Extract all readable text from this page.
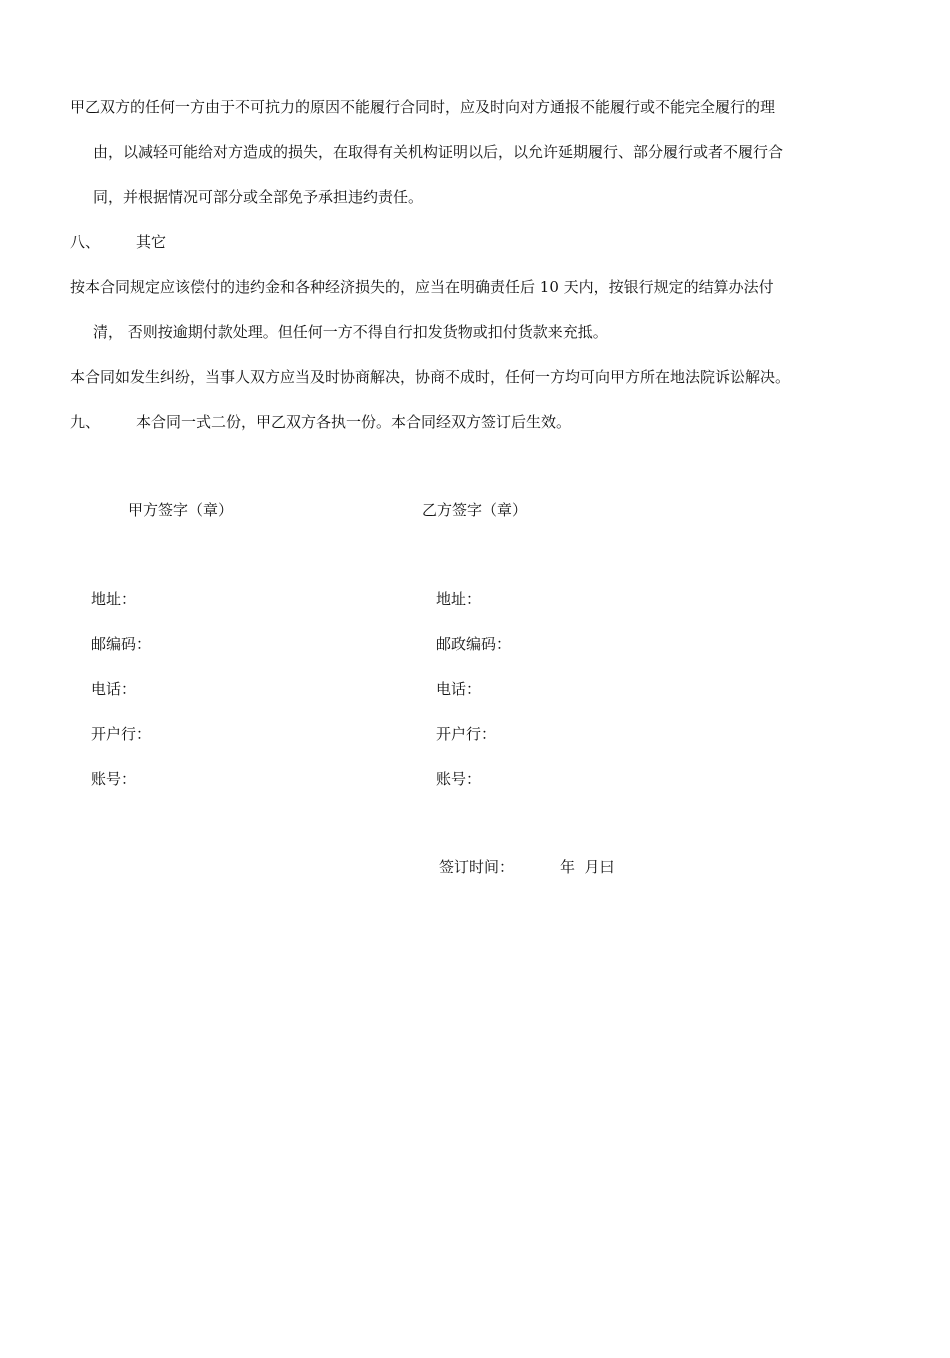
甲乙双方的任何一方由于不可抗力的原因不能履行合同时，应及时向对方通报不能履行或不能完全履行的理
由，以减轻可能给对方造成的损失，在取得有关机构证明以后，以允许延期履行、部分履行或者不履行合
同，并根据情况可部分或全部免予承担违约责任。
八、 其它
按本合同规定应该偿付的违约金和各种经济损失的，应当在明确责任后 10 天内，按银行规定的结算办法付
清， 否则按逾期付款处理。但任何一方不得自行扣发货物或扣付货款来充抵。
本合同如发生纠纷，当事人双方应当及时协商解决，协商不成时，任何一方均可向甲方所在地法院诉讼解决。
九、 本合同一式二份，甲乙双方各执一份。本合同经双方签订后生效。
甲方签字（章）	乙方签字（章）
地址：
邮编码：
电话：
开户行：
账号：
地址：
邮政编码：
电话：
开户行：
账号：
签订时间：	年  月曰
